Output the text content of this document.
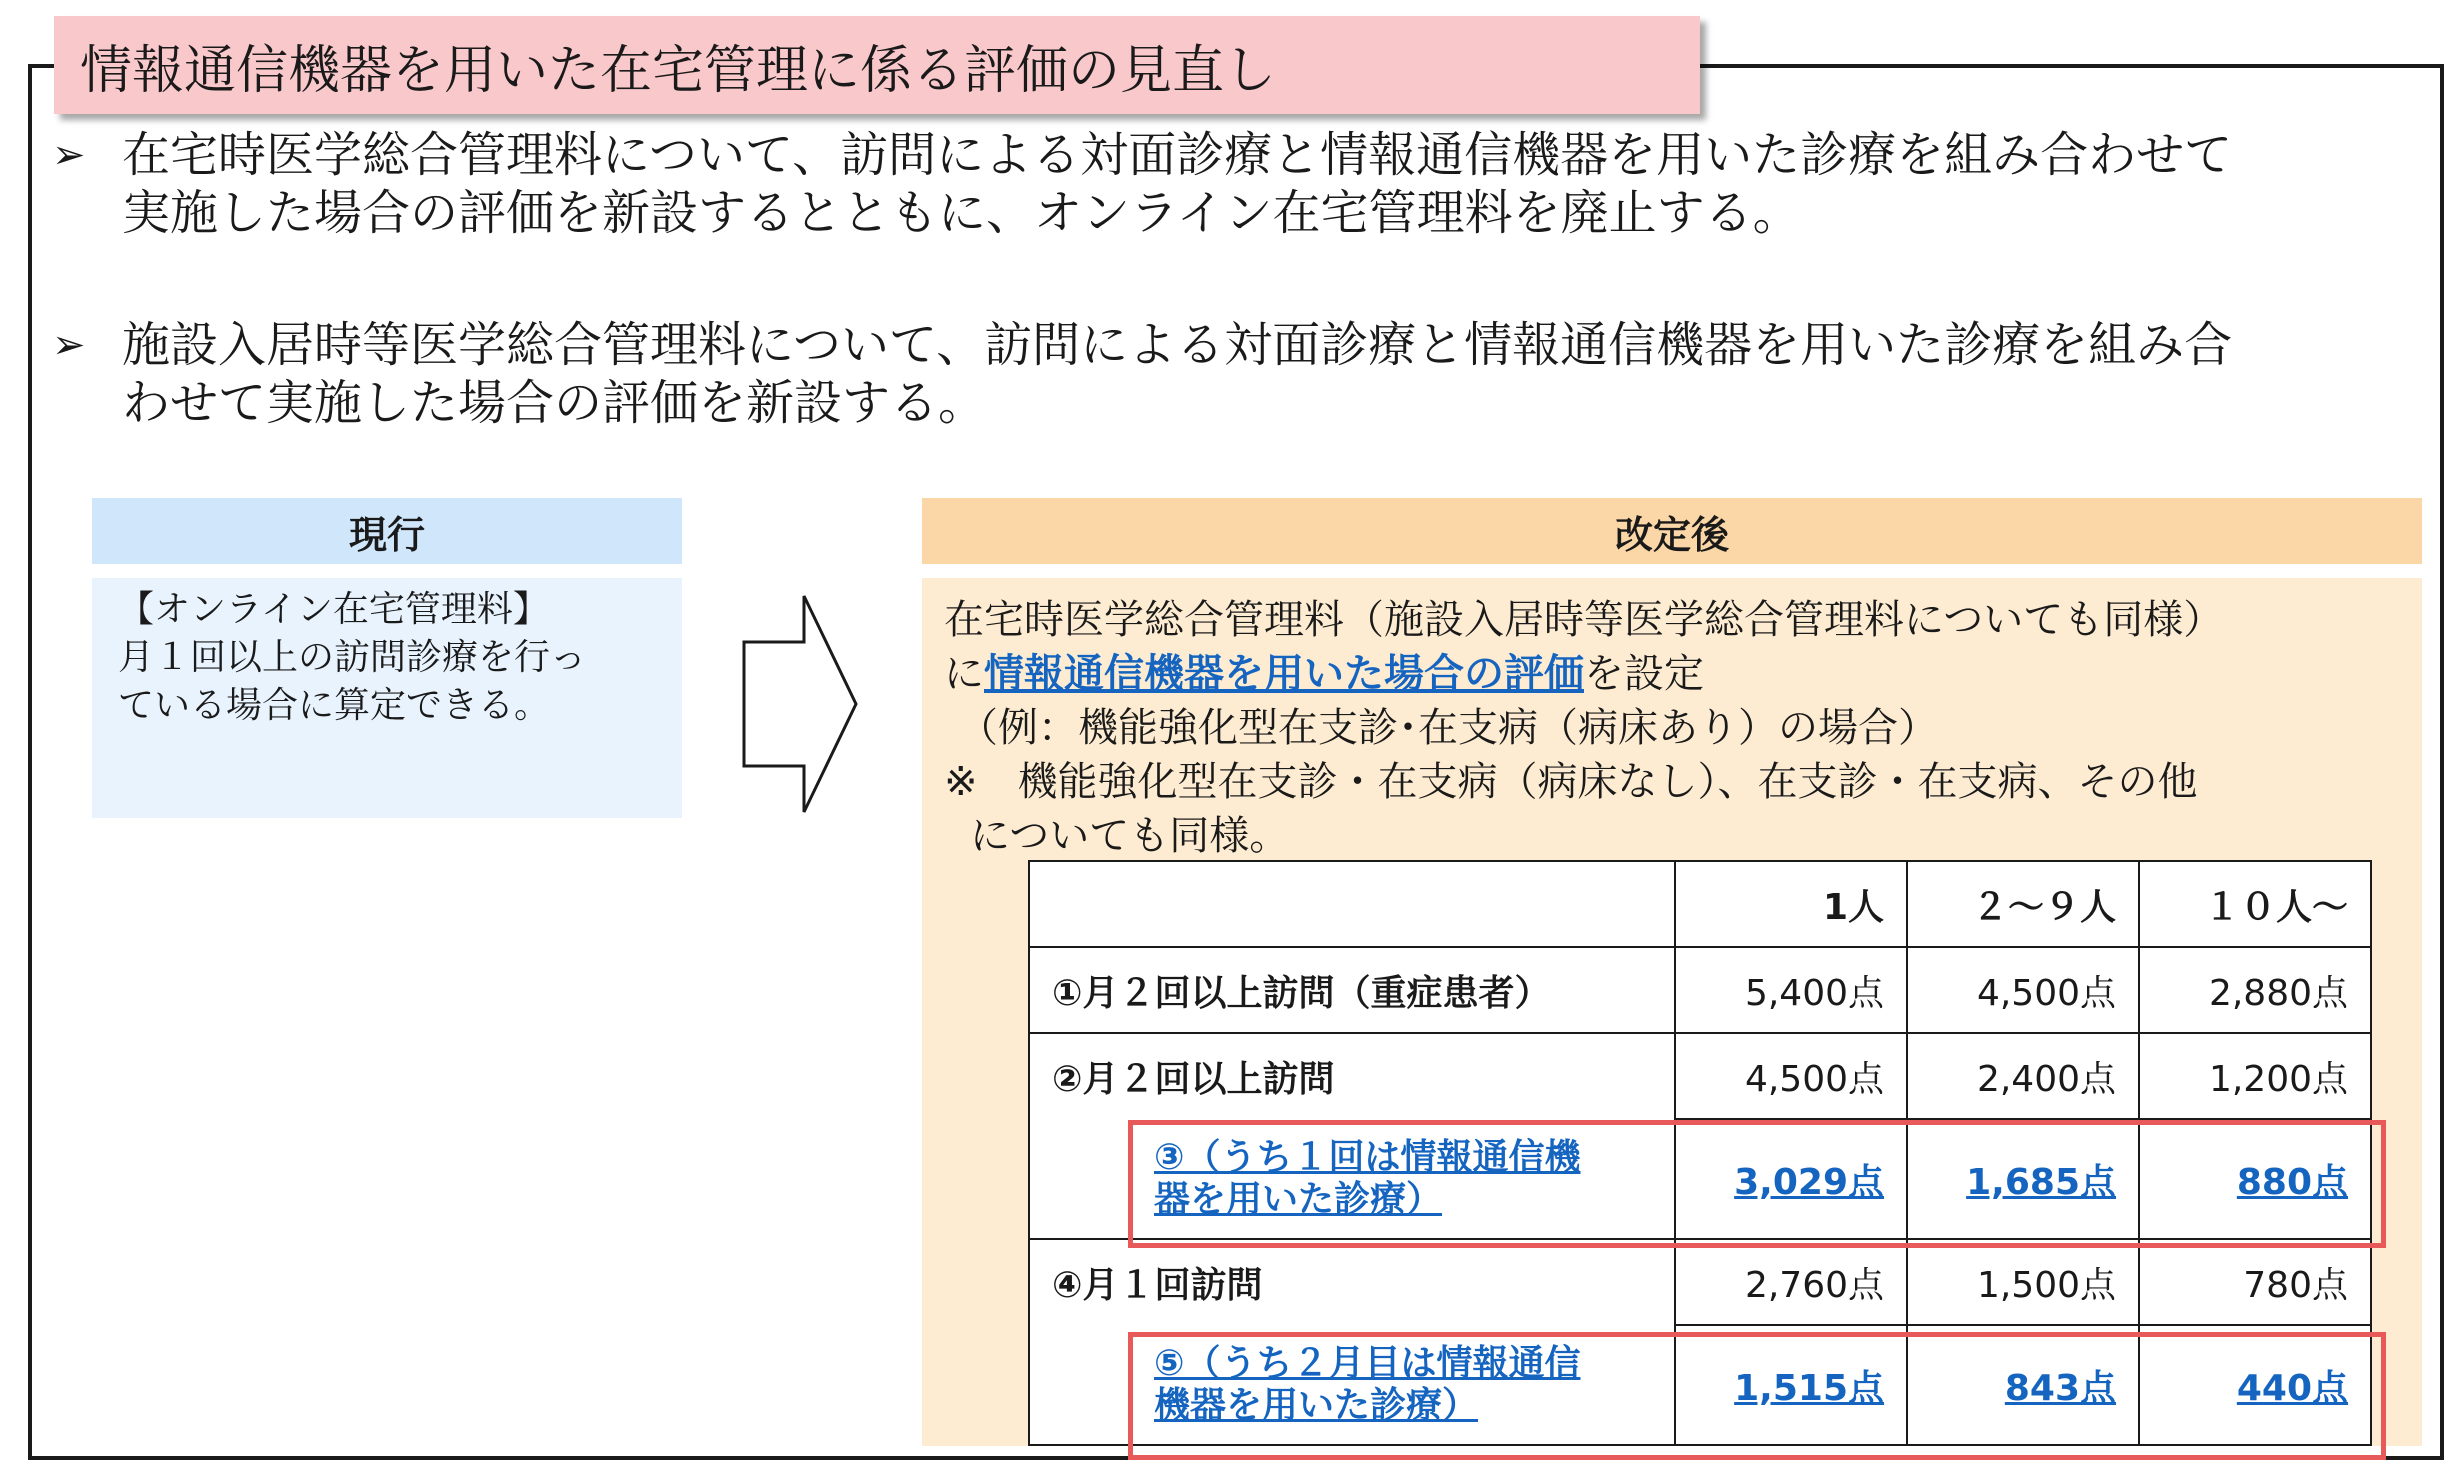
情報通信機器を用いた在宅管理に係る評価の見直し
➢ 在宅時医学総合管理料について、訪問による対面診療と情報通信機器を用いた診療を組み合わせて
実施した場合の評価を新設するとともに、オンライン在宅管理料を廃止する。
➢ 施設入居時等医学総合管理料について、訪問による対面診療と情報通信機器を用いた診療を組み合
わせて実施した場合の評価を新設する。
現行
【オンライン在宅管理料】
月１回以上の訪問診療を行っ
ている場合に算定できる。
改定後
在宅時医学総合管理料（施設入居時等医学総合管理料についても同様）
に情報通信機器を用いた場合の評価を設定
（例：機能強化型在支診･在支病（病床あり）の場合）
※　機能強化型在支診・在支病（病床なし）、在支診・在支病、その他
についても同様。
	1人	２～９人	１０人～
①月２回以上訪問（重症患者）	5,400点	4,500点	2,880点
②月２回以上訪問	4,500点	2,400点	1,200点

③（うち１回は情報通信機
器を用いた診療）	3,029点	1,685点	880点
④月１回訪問	2,760点	1,500点	780点

⑤（うち２月目は情報通信
機器を用いた診療）	1,515点	843点	440点
